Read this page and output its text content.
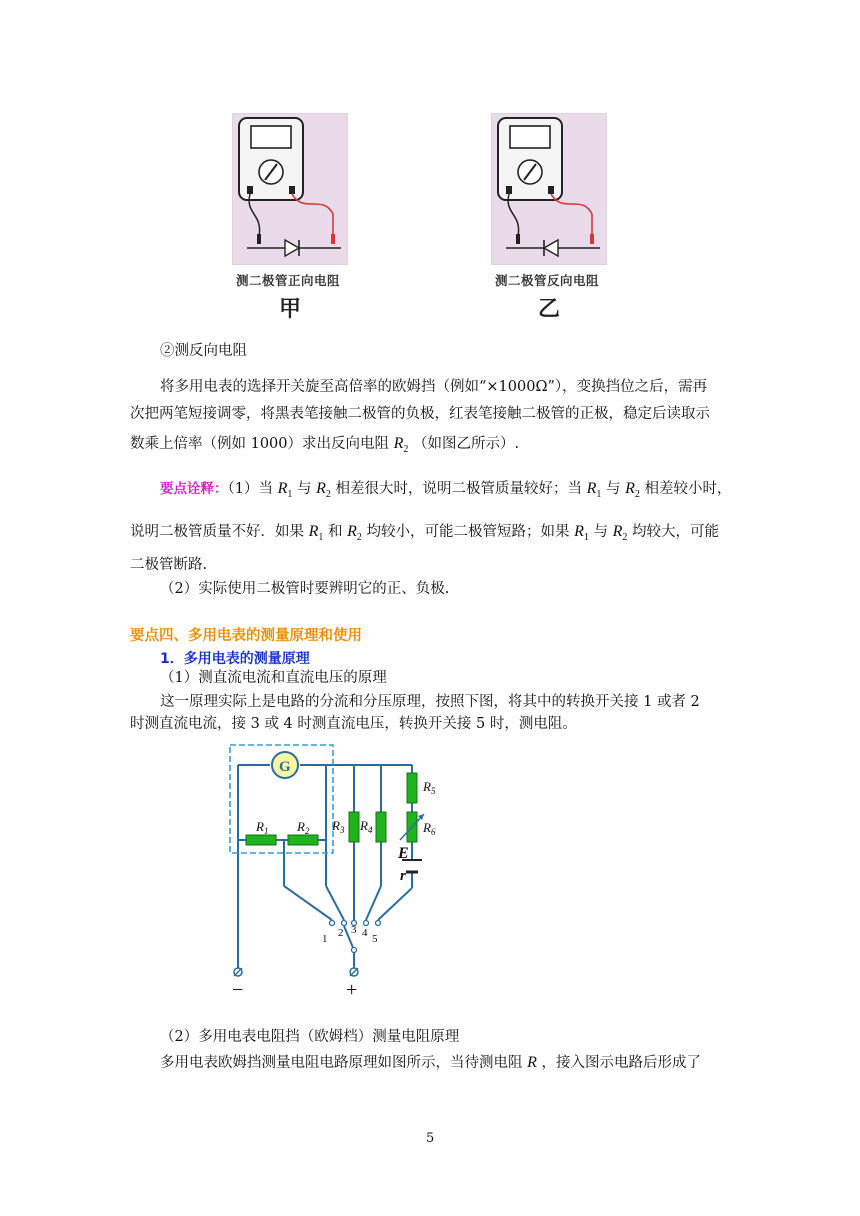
测二极管正向电阻
甲
测二极管反向电阻
乙
②测反向电阻
将多用电表的选择开关旋至高倍率的欧姆挡（例如“×1000Ω”），变换挡位之后，需再
次把两笔短接调零，将黑表笔接触二极管的负极，红表笔接触二极管的正极，稳定后读取示
数乘上倍率（例如 1000）求出反向电阻 $R_2$ （如图乙所示）.
要点诠释：（1）当 $R_1$ 与 $R_2$ 相差很大时，说明二极管质量较好；当 $R_1$ 与 $R_2$ 相差较小时，
说明二极管质量不好．如果 $R_1$ 和 $R_2$ 均较小，可能二极管短路；如果 $R_1$ 与 $R_2$ 均较大，可能
二极管断路.
（2）实际使用二极管时要辨明它的正、负极.
要点四、多用电表的测量原理和使用
1．多用电表的测量原理
（1）测直流电流和直流电压的原理
这一原理实际上是电路的分流和分压原理，按照下图，将其中的转换开关接 1 或者 2
时测直流电流，接 3 或 4 时测直流电压，转换开关接 5 时，测电阻。
G
$R_1$ $R_2$ $R_3$ $R_4$
$R_5$
$R_6$
E
r
1 2 3 4 5
−	+
（2）多用电表电阻挡（欧姆档）测量电阻原理
多用电表欧姆挡测量电阻电路原理如图所示，当待测电阻 R ，接入图示电路后形成了
5
